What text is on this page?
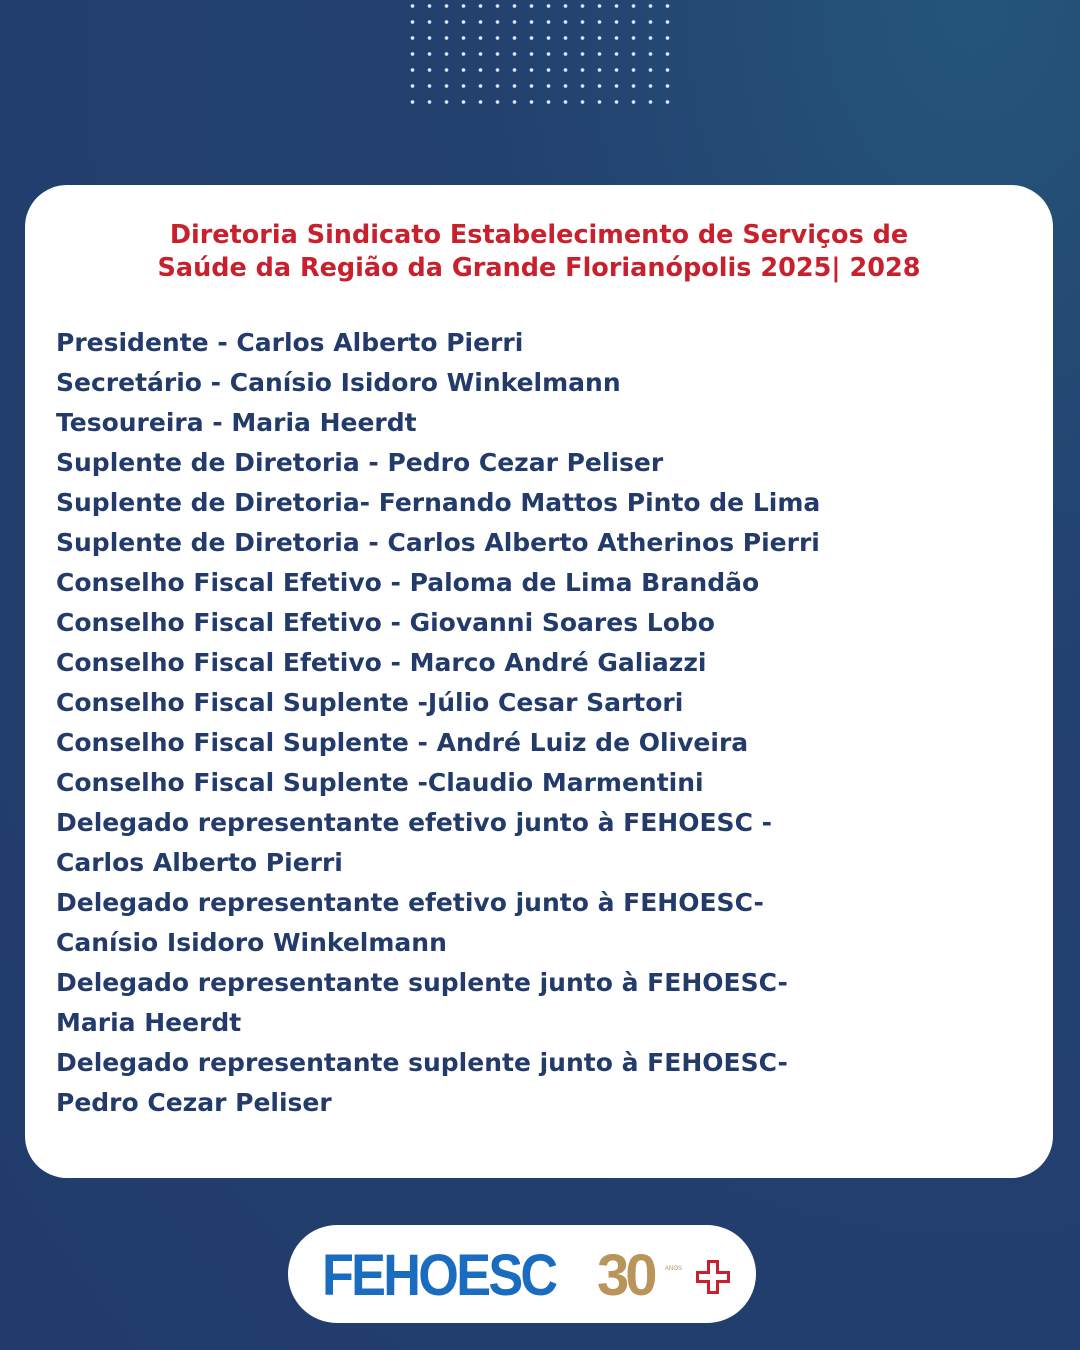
Diretoria Sindicato Estabelecimento de Serviços de
Saúde da Região da Grande Florianópolis 2025| 2028
Presidente - Carlos Alberto Pierri
Secretário - Canísio Isidoro Winkelmann
Tesoureira - Maria Heerdt
Suplente de Diretoria - Pedro Cezar Peliser
Suplente de Diretoria- Fernando Mattos Pinto de Lima
Suplente de Diretoria - Carlos Alberto Atherinos Pierri
Conselho Fiscal Efetivo - Paloma de Lima Brandão
Conselho Fiscal Efetivo - Giovanni Soares Lobo
Conselho Fiscal Efetivo - Marco André Galiazzi
Conselho Fiscal Suplente -Júlio Cesar Sartori
Conselho Fiscal Suplente - André Luiz de Oliveira
Conselho Fiscal Suplente -Claudio Marmentini
Delegado representante efetivo junto à FEHOESC -
Carlos Alberto Pierri
Delegado representante efetivo junto à FEHOESC-
Canísio Isidoro Winkelmann
Delegado representante suplente junto à FEHOESC-
Maria Heerdt
Delegado representante suplente junto à FEHOESC-
Pedro Cezar Peliser
FEHOESC 30 ANOS
